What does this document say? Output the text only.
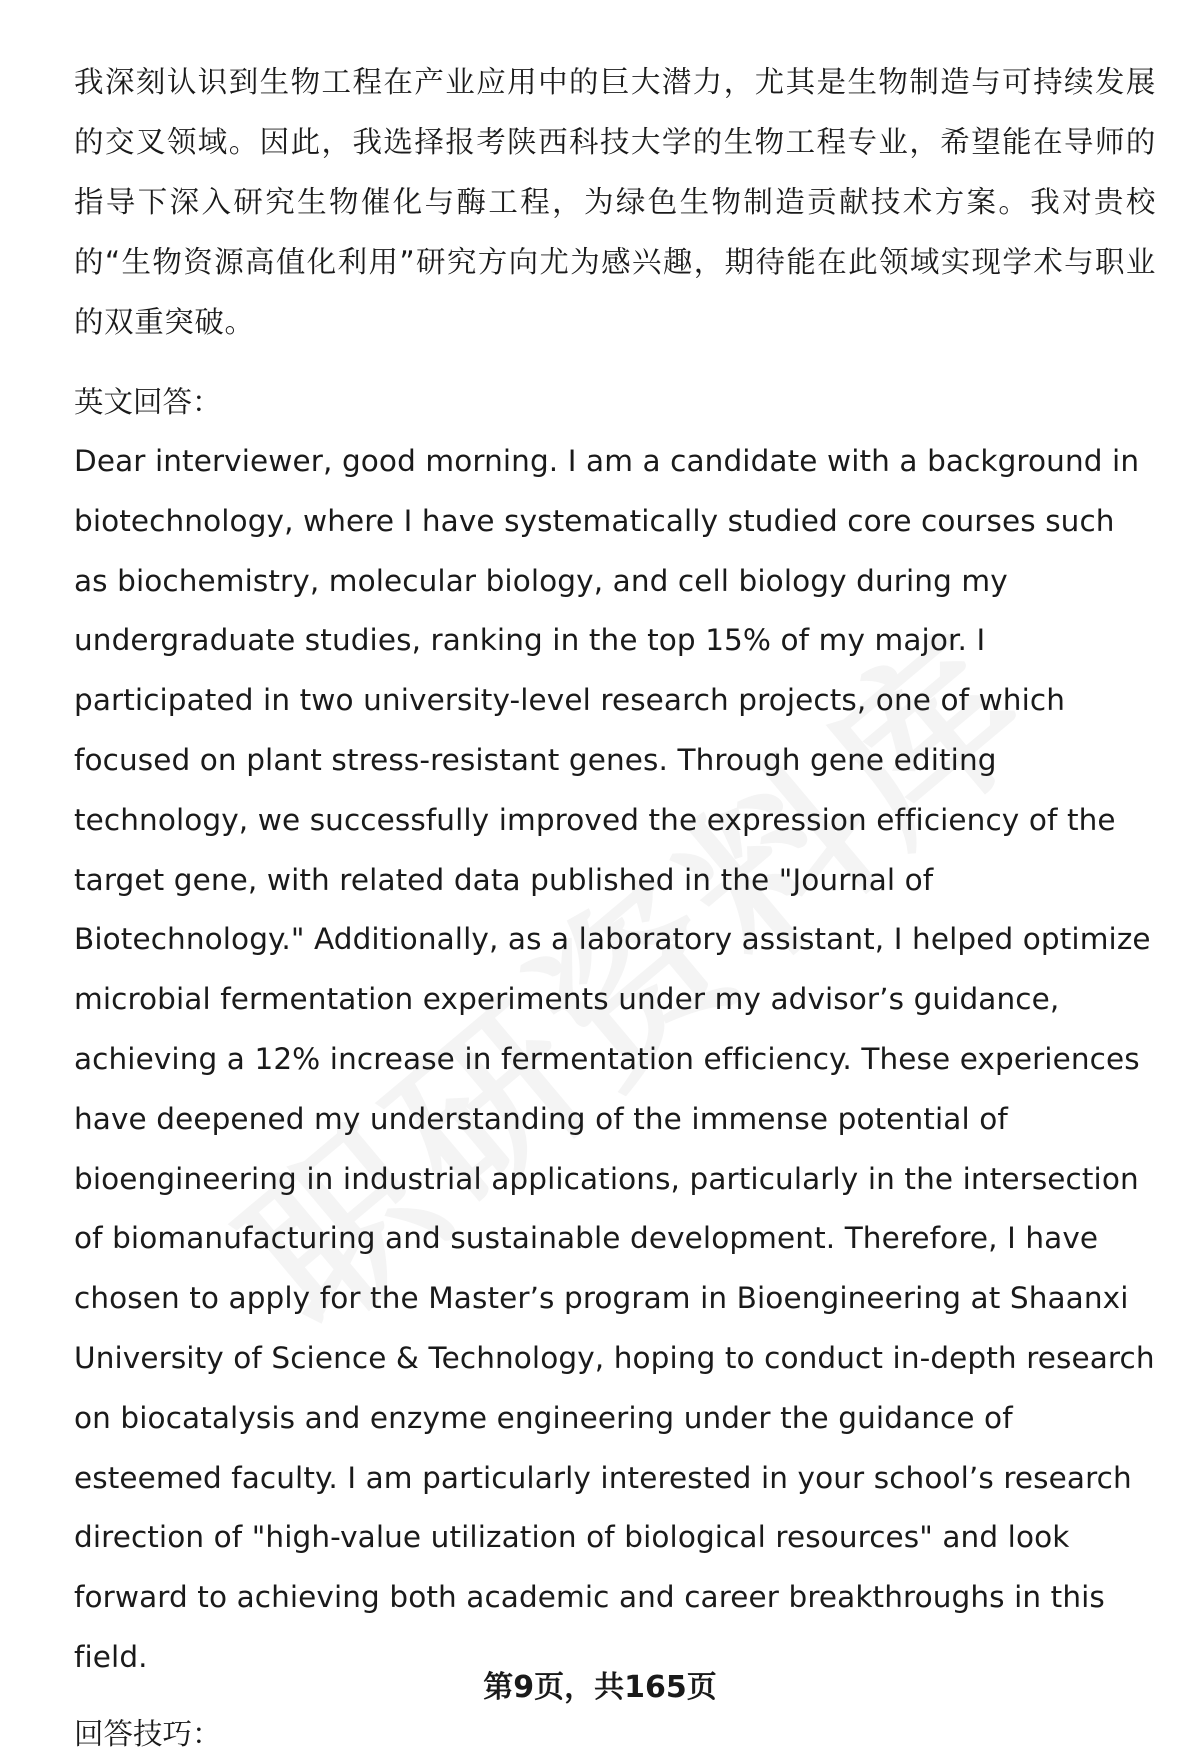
我深刻认识到生物工程在产业应用中的巨大潜力，尤其是生物制造与可持续发展的交叉领域。因此，我选择报考陕西科技大学的生物工程专业，希望能在导师的指导下深入研究生物催化与酶工程，为绿色生物制造贡献技术方案。我对贵校的“生物资源高值化利用”研究方向尤为感兴趣，期待能在此领域实现学术与职业的双重突破。

英文回答：

Dear interviewer, good morning. I am a candidate with a background in biotechnology, where I have systematically studied core courses such as biochemistry, molecular biology, and cell biology during my undergraduate studies, ranking in the top 15% of my major. I participated in two university-level research projects, one of which focused on plant stress-resistant genes. Through gene editing technology, we successfully improved the expression efficiency of the target gene, with related data published in the "Journal of Biotechnology." Additionally, as a laboratory assistant, I helped optimize microbial fermentation experiments under my advisor’s guidance, achieving a 12% increase in fermentation efficiency. These experiences have deepened my understanding of the immense potential of bioengineering in industrial applications, particularly in the intersection of biomanufacturing and sustainable development. Therefore, I have chosen to apply for the Master’s program in Bioengineering at Shaanxi University of Science & Technology, hoping to conduct in-depth research on biocatalysis and enzyme engineering under the guidance of esteemed faculty. I am particularly interested in your school’s research direction of "high-value utilization of biological resources" and look forward to achieving both academic and career breakthroughs in this field.

回答技巧：

第9页，共165页
